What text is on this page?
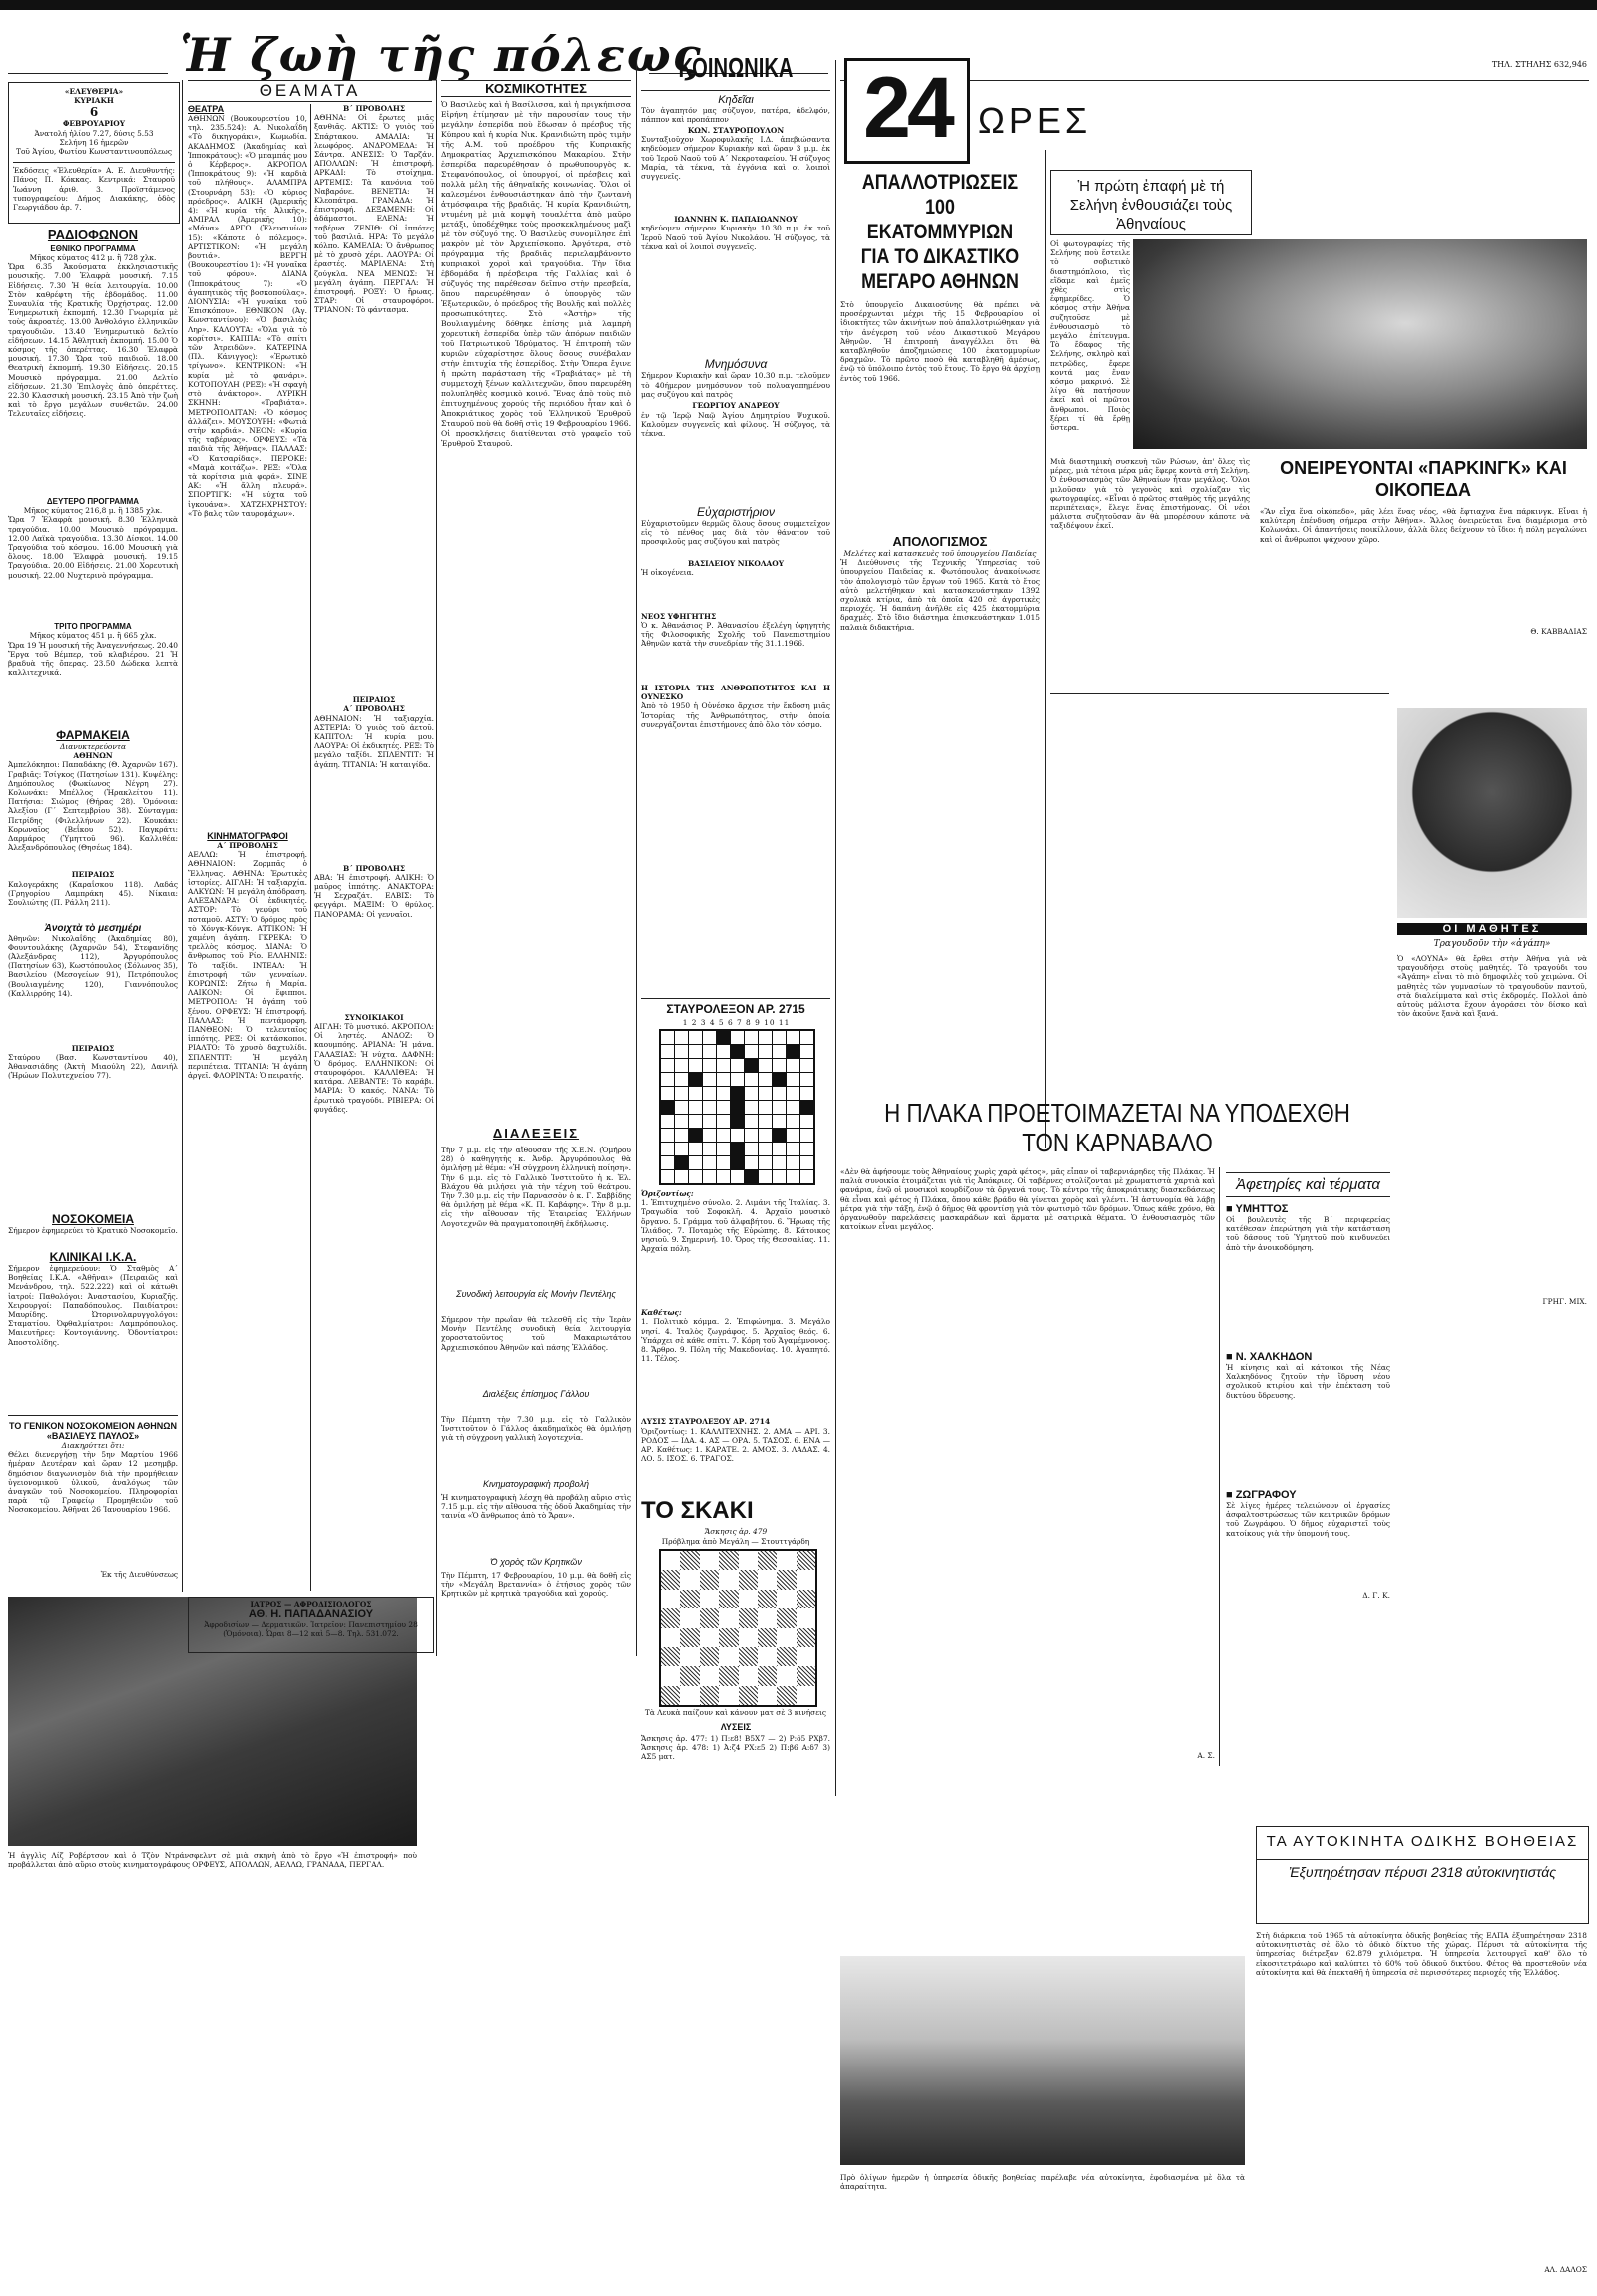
Ἡ ζωὴ τῆς πόλεως
«ΕΛΕΥΘΕΡΙΑ»
ΚΥΡΙΑΚΗ
6
ΦΕΒΡΟΥΑΡΙΟΥ
Ἀνατολή ἡλίου 7.27, δύσις 5.53
Σελήνη 16 ἡμερῶν
Τοῦ Ἁγίου, Φωτίου Κωνσταντινουπόλεως
Ἐκδόσεις «Ἐλευθερία» Α. Ε. Διευθυντής: Πάνος Π. Κόκκας. Κεντρικά: Σταυροῦ Ἰωάννη ἀριθ. 3. Προϊστάμενος τυπογραφείου: Δήμος Διακάκης, ὁδὸς Γεωργιάδου ἀρ. 7.
ΡΑΔΙΟΦΩΝΟΝ
ΕΘΝΙΚΟ ΠΡΟΓΡΑΜΜΑ
Μῆκος κύματος 412 μ. ἢ 728 χλκ.
Ὥρα 6.35 Ἀκούσματα ἐκκλησιαστικῆς μουσικῆς. 7.00 Ἐλαφρὰ μουσική. 7.15 Εἰδήσεις. 7.30 Ἡ θεία λειτουργία. 10.00 Στὸν καθρέφτη τῆς ἑβδομάδος. 11.00 Συναυλία τῆς Κρατικῆς Ὀρχήστρας. 12.00 Ἐνημερωτικὴ ἐκπομπή. 12.30 Γνωριμία μὲ τοὺς ἀκροατές. 13.00 Ἀνθολόγιο ἑλληνικῶν τραγουδιῶν. 13.40 Ἐνημερωτικὸ δελτίο εἰδήσεων. 14.15 Ἀθλητικὴ ἐκπομπή. 15.00 Ὁ κόσμος τῆς ὀπερέττας. 16.30 Ἐλαφρὰ μουσική. 17.30 Ὥρα τοῦ παιδιοῦ. 18.00 Θεατρικὴ ἐκπομπή. 19.30 Εἰδήσεις. 20.15 Μουσικὸ πρόγραμμα. 21.00 Δελτίο εἰδήσεων. 21.30 Ἐπιλογὲς ἀπὸ ὀπερέττες. 22.30 Κλασσικὴ μουσική. 23.15 Ἀπὸ τὴν ζωὴ καὶ τὸ ἔργο μεγάλων συνθετῶν. 24.00 Τελευταῖες εἰδήσεις.
ΔΕΥΤΕΡΟ ΠΡΟΓΡΑΜΜΑ
Μῆκος κύματος 216,8 μ. ἢ 1385 χλκ.
Ὥρα 7 Ἐλαφρὰ μουσική. 8.30 Ἑλληνικὰ τραγούδια. 10.00 Μουσικὸ πρόγραμμα. 12.00 Λαϊκὰ τραγούδια. 13.30 Δίσκοι. 14.00 Τραγούδια τοῦ κόσμου. 16.00 Μουσικὴ γιὰ ὅλους. 18.00 Ἐλαφρὰ μουσική. 19.15 Τραγούδια. 20.00 Εἰδήσεις. 21.00 Χορευτικὴ μουσική. 22.00 Νυχτερινὸ πρόγραμμα.
ΤΡΙΤΟ ΠΡΟΓΡΑΜΜΑ
Μῆκος κύματος 451 μ. ἢ 665 χλκ.
Ὥρα 19 Ἡ μουσική τῆς Ἀναγεννήσεως. 20.40 Ἔργα τοῦ Βέμπερ, τοῦ κλαβιέρου. 21 Ἡ βραδυὰ τῆς ὄπερας. 23.50 Δώδεκα λεπτὰ καλλιτεχνικά.
ΦΑΡΜΑΚΕΙΑ
Διανυκτερεύοντα
ΑΘΗΝΩΝ
Ἀμπελόκηποι: Παπαδάκης (Θ. Ἀχαρνῶν 167). Γραβιᾶς: Τσίγκος (Πατησίων 131). Κυψέλης: Δημόπουλος (Φωκίωνος Νέγρη 27). Κολωνάκι: Μπέλλος (Ἠρακλείτου 11). Πατήσια: Σιώμος (Θήρας 28). Ὁμόνοια: Ἀλεξίου (Γ΄ Σεπτεμβρίου 38). Σύνταγμα: Πετρίδης (Φιλελλήνων 22). Κουκάκι: Κορωναῖος (Βεΐκου 52). Παγκράτι: Δαρμάρος (Ὑμηττοῦ 96). Καλλιθέα: Ἀλεξανδρόπουλος (Θησέως 184).
ΠΕΙΡΑΙΩΣ
Καλογεράκης (Καραΐσκου 118). Λαδάς (Γρηγορίου Λαμπράκη 45). Νίκαια: Σουλιώτης (Π. Ράλλη 211).
Ἀνοιχτὰ τὸ μεσημέρι
Ἀθηνῶν: Νικολαΐδης (Ἀκαδημίας 80), Φουντουλάκης (Ἀχαρνῶν 54), Στεφανίδης (Ἀλεξάνδρας 112), Ἀργυρόπουλος (Πατησίων 63), Κωστόπουλος (Σόλωνος 35), Βασιλείου (Μεσογείων 91), Πετρόπουλος (Βουλιαγμένης 120), Γιαννόπουλος (Καλλιρρόης 14).
ΠΕΙΡΑΙΩΣ
Σταύρου (Βασ. Κωνσταντίνου 40), Ἀθανασιάδης (Ἀκτὴ Μιαούλη 22), Δανιήλ (Ἡρώων Πολυτεχνείου 77).
ΝΟΣΟΚΟΜΕΙΑ
Σήμερον ἐφημερεύει τὸ Κρατικὸ Νοσοκομεῖο.
ΚΛΙΝΙΚΑΙ Ι.Κ.Α.
Σήμερον ἐφημερεύουν: Ὁ Σταθμὸς Α΄ Βοηθείας Ι.Κ.Α. «Ἀθῆναι» (Πειραιῶς καὶ Μενάνδρου, τηλ. 522.222) καὶ οἱ κάτωθι ἰατροί: Παθολόγοι: Ἀναστασίου, Κυριαζῆς. Χειρουργοί: Παπαδόπουλος. Παιδίατροι: Μαυρίδης. Ὠτορινολαρυγγολόγοι: Σταματίου. Ὀφθαλμίατροι: Λαμπρόπουλος. Μαιευτῆρες: Κοντογιάννης. Ὀδοντίατροι: Ἀποστολίδης.
ΤΟ ΓΕΝΙΚΟΝ ΝΟΣΟΚΟΜΕΙΟΝ ΑΘΗΝΩΝ
«ΒΑΣΙΛΕΥΣ ΠΑΥΛΟΣ»
Διακηρύττει ὅτι:
Θέλει διενεργήσῃ τὴν 5ην Μαρτίου 1966 ἡμέραν Δευτέραν καὶ ὥραν 12 μεσημβρ. δημόσιον διαγωνισμὸν διὰ τὴν προμήθειαν ὑγειονομικοῦ ὑλικοῦ, ἀναλόγως τῶν ἀναγκῶν τοῦ Νοσοκομείου. Πληροφορίαι παρὰ τῷ Γραφείῳ Προμηθειῶν τοῦ Νοσοκομείου. Ἀθῆναι 26 Ἰανουαρίου 1966.
Ἐκ τῆς Διευθύνσεως
Ἡ ἀγγλὶς Λίζ Ροβέρτσον καὶ ὁ Τζὸν Ντράνσφελντ σὲ μιὰ σκηνὴ ἀπὸ τὸ ἔργο «Ἡ ἐπιστροφή» ποὺ προβάλλεται ἀπὸ αὔριο στοὺς κινηματογράφους ΟΡΦΕΥΣ, ΑΠΟΛΛΩΝ, ΑΕΛΛΩ, ΓΡΑΝΑΔΑ, ΠΕΡΓΑΛ.
ΘΕΑΜΑΤΑ
ΘΕΑΤΡΑ
ΑΘΗΝΩΝ (Βουκουρεστίου 10, τηλ. 235.524): Α. Νικολαΐδη «Τὸ δικηγοράκι», Κωμωδία. ΑΚΑΔΗΜΟΣ (Ἀκαδημίας καὶ Ἱπποκράτους): «Ὁ μπαμπάς μου ὁ Κέρβερος». ΑΚΡΟΠΟΛ (Ἱπποκράτους 9): «Ἡ καρδιὰ τοῦ πλήθους». ΑΛΑΜΠΡΑ (Στουρνάρη 53): «Ὁ κύριος πρόεδρος». ΑΛΙΚΗ (Ἀμερικῆς 4): «Ἡ κυρία τῆς Ἀλικῆς». ΑΜΙΡΑΛ (Ἀμερικῆς 10): «Μάνα». ΑΡΓΩ (Ἐλευσινίων 15): «Κάποτε ὁ πόλεμος». ΑΡΤΙΣΤΙΚΟΝ: «Ἡ μεγάλη βουτιά». ΒΕΡΓΗ (Βουκουρεστίου 1): «Ἡ γυναῖκα τοῦ φόρου». ΔΙΑΝΑ (Ἱπποκράτους 7): «Ὁ ἀγαπητικὸς τῆς βοσκοπούλας». ΔΙΟΝΥΣΙΑ: «Ἡ γυναίκα τοῦ Ἐπισκόπου». ΕΘΝΙΚΟΝ (Ἀγ. Κωνσταντίνου): «Ὁ βασιλιὰς Ληρ». ΚΑΛΟΥΤΑ: «Ὅλα γιὰ τὸ κορίτσι». ΚΑΠΠΑ: «Τὸ σπίτι τῶν Ἀτρειδῶν». ΚΑΤΕΡΙΝΑ (Πλ. Κάνιγγος): «Ἐρωτικὸ τρίγωνο». ΚΕΝΤΡΙΚΟΝ: «Ἡ κυρία μὲ τὸ φανάρι». ΚΟΤΟΠΟΥΛΗ (ΡΕΞ): «Ἡ σφαγὴ στὸ ἀνάκτορο». ΛΥΡΙΚΗ ΣΚΗΝΗ: «Τραβιάτα». ΜΕΤΡΟΠΟΛΙΤΑΝ: «Ὁ κόσμος ἀλλάζει». ΜΟΥΣΟΥΡΗ: «Φωτιὰ στὴν καρδιά». ΝΕΟΝ: «Κυρία τῆς ταβέρνας». ΟΡΦΕΥΣ: «Τὰ παιδιὰ τῆς Ἀθήνας». ΠΑΛΛΑΣ: «Ὁ Κατσαρίδας». ΠΕΡΟΚΕ: «Μαμὰ κοιτάζω». ΡΕΞ: «Ὅλα τὰ κορίτσια μιὰ φορά». ΣΙΝΕ ΑΚ: «Ἡ ἄλλη πλευρά». ΣΠΟΡΤΙΓΚ: «Ἡ νύχτα τοῦ ἰγκουάνα». ΧΑΤΖΗΧΡΗΣΤΟΥ: «Τὸ βαλς τῶν ταυρομάχων».
ΚΙΝΗΜΑΤΟΓΡΑΦΟΙ
Α΄ ΠΡΟΒΟΛΗΣ
ΑΕΛΛΩ: Ἡ ἐπιστροφή. ΑΘΗΝΑΙΟΝ: Ζορμπᾶς ὁ Ἕλληνας. ΑΘΗΝΑ: Ἐρωτικὲς ἱστορίες. ΑΙΓΛΗ: Ἡ ταξιαρχία. ΑΛΚΥΩΝ: Ἡ μεγάλη ἀπόδραση. ΑΛΕΞΑΝΔΡΑ: Οἱ ἐκδικητές. ΑΣΤΟΡ: Τὸ γεφύρι τοῦ ποταμοῦ. ΑΣΤΥ: Ὁ δρόμος πρὸς τὸ Χόνγκ-Κόνγκ. ΑΤΤΙΚΟΝ: Ἡ χαμένη ἀγάπη. ΓΚΡΕΚΑ: Ὁ τρελλὸς κόσμος. ΔΙΑΝΑ: Ὁ ἄνθρωπος τοῦ Ρίο. ΕΛΛΗΝΙΣ: Τὸ ταξίδι. ΙΝΤΕΑΛ: Ἡ ἐπιστροφή τῶν γενναίων. ΚΟΡΩΝΙΣ: Ζήτω ἡ Μαρία. ΛΑΙΚΟΝ: Οἱ ἔφιπποι. ΜΕΤΡΟΠΟΛ: Ἡ ἀγάπη τοῦ ξένου. ΟΡΦΕΥΣ: Ἡ ἐπιστροφή. ΠΑΛΛΑΣ: Ἡ πεντάμορφη. ΠΑΝΘΕΟΝ: Ὁ τελευταῖος ἱππότης. ΡΕΞ: Οἱ κατάσκοποι. ΡΙΑΛΤΟ: Τὸ χρυσὸ δαχτυλίδι. ΣΠΛΕΝΤΙΤ: Ἡ μεγάλη περιπέτεια. ΤΙΤΑΝΙΑ: Ἡ ἀγάπη ἀργεῖ. ΦΛΟΡΙΝΤΑ: Ὁ πειρατής.
Β΄ ΠΡΟΒΟΛΗΣ
ΑΘΗΝΑ: Οἱ ἔρωτες μιᾶς ξανθιᾶς. ΑΚΤΙΣ: Ὁ γυιὸς τοῦ Σπάρτακου. ΑΜΑΛΙΑ: Ἡ λεωφόρος. ΑΝΔΡΟΜΕΔΑ: Ἡ Σάντρα. ΑΝΕΣΙΣ: Ὁ Ταρζάν. ΑΠΟΛΛΩΝ: Ἡ ἐπιστροφή. ΑΡΚΑΔΙ: Τὸ στοίχημα. ΑΡΤΕΜΙΣ: Τὰ κανόνια τοῦ Ναβαρόνε. ΒΕΝΕΤΙΑ: Ἡ Κλεοπάτρα. ΓΡΑΝΑΔΑ: Ἡ ἐπιστροφή. ΔΕΞΑΜΕΝΗ: Οἱ ἀδάμαστοι. ΕΛΕΝΑ: Ἡ ταβέρνα. ΖΕΝΙΘ: Οἱ ἱππότες τοῦ βασιλιᾶ. ΗΡΑ: Τὸ μεγάλο κόλπο. ΚΑΜΕΛΙΑ: Ὁ ἄνθρωπος μὲ τὸ χρυσὸ χέρι. ΛΑΟΥΡΑ: Οἱ ἐραστές. ΜΑΡΙΛΕΝΑ: Στὴ ζούγκλα. ΝΕΑ ΜΕΝΩΣ: Ἡ μεγάλη ἀγάπη. ΠΕΡΓΑΛ: Ἡ ἐπιστροφή. ΡΟΞΥ: Ὁ ἥρωας. ΣΤΑΡ: Οἱ σταυροφόροι. ΤΡΙΑΝΟΝ: Τὸ φάντασμα.
ΠΕΙΡΑΙΩΣ
Α΄ ΠΡΟΒΟΛΗΣ
ΑΘΗΝΑΙΟΝ: Ἡ ταξιαρχία. ΑΣΤΕΡΙΑ: Ὁ γυιὸς τοῦ ἀετοῦ. ΚΑΠΙΤΟΛ: Ἡ κυρία μου. ΛΑΟΥΡΑ: Οἱ ἐκδικητές. ΡΕΞ: Τὸ μεγάλο ταξίδι. ΣΠΛΕΝΤΙΤ: Ἡ ἀγάπη. ΤΙΤΑΝΙΑ: Ἡ καταιγίδα.
Β΄ ΠΡΟΒΟΛΗΣ
ΑΒΑ: Ἡ ἐπιστροφή. ΑΛΙΚΗ: Ὁ μαῦρος ἱππότης. ΑΝΑΚΤΟΡΑ: Ἡ Σεχραζάτ. ΕΛΒΙΣ: Τὸ φεγγάρι. ΜΑΞΙΜ: Ὁ θρύλος. ΠΑΝΟΡΑΜΑ: Οἱ γενναῖοι.
ΣΥΝΟΙΚΙΑΚΟΙ
ΑΙΓΛΗ: Τὸ μυστικό. ΑΚΡΟΠΟΛ: Οἱ ληστές. ΑΝΔΟΖ: Ὁ καουμπόης. ΑΡΙΑΝΑ: Ἡ μάνα. ΓΑΛΑΞΙΑΣ: Ἡ νύχτα. ΔΑΦΝΗ: Ὁ δρόμος. ΕΛΛΗΝΙΚΟΝ: Οἱ σταυροφόροι. ΚΑΛΛΙΘΕΑ: Ἡ κατάρα. ΛΕΒΑΝΤΕ: Τὸ καράβι. ΜΑΡΙΑ: Ὁ κακός. ΝΑΝΑ: Τὸ ἐρωτικὸ τραγούδι. ΡΙΒΙΕΡΑ: Οἱ φυγάδες.
ΙΑΤΡΟΣ — ΑΦΡΟΔΙΣΙΟΛΟΓΟΣ
ΑΘ. Η. ΠΑΠΑΔΑΝΑΣΙΟΥ
Ἀφροδισίων — Δερματικῶν. Ἰατρεῖον: Πανεπιστημίου 28 (Ὁμόνοια). Ὧραι 8—12 καὶ 5—8. Τηλ. 531.072.
ΚΟΣΜΙΚΟΤΗΤΕΣ
Ὁ Βασιλεὺς καὶ ἡ Βασίλισσα, καὶ ἡ πριγκήπισσα Εἰρήνη ἐτίμησαν μὲ τὴν παρουσίαν τους τὴν μεγάλην ἑσπερίδα ποὺ ἔδωσαν ὁ πρέσβυς τῆς Κύπρου καὶ ἡ κυρία Νικ. Κρανιδιώτη πρὸς τιμὴν τῆς Α.Μ. τοῦ προέδρου τῆς Κυπριακῆς Δημοκρατίας Ἀρχιεπισκόπου Μακαρίου. Στὴν ἑσπερίδα παρευρέθησαν ὁ πρωθυπουργὸς κ. Στεφανόπουλος, οἱ ὑπουργοί, οἱ πρέσβεις καὶ πολλὰ μέλη τῆς ἀθηναϊκῆς κοινωνίας. Ὅλοι οἱ καλεσμένοι ἐνθουσιάστηκαν ἀπὸ τὴν ζωντανὴ ἀτμόσφαιρα τῆς βραδιᾶς. Ἡ κυρία Κρανιδιώτη, ντυμένη μὲ μιὰ κομψὴ τουαλέττα ἀπὸ μαῦρο μετάξι, ὑποδέχθηκε τοὺς προσκεκλημένους μαζὶ μὲ τὸν σύζυγό της. Ὁ Βασιλεὺς συνομίλησε ἐπὶ μακρὸν μὲ τὸν Ἀρχιεπίσκοπο. Ἀργότερα, στὸ πρόγραμμα τῆς βραδιᾶς περιελαμβάνοντο κυπριακοὶ χοροὶ καὶ τραγούδια. Τὴν ἴδια ἑβδομάδα ἡ πρέσβειρα τῆς Γαλλίας καὶ ὁ σύζυγός της παρέθεσαν δεῖπνο στὴν πρεσβεία, ὅπου παρευρέθησαν ὁ ὑπουργὸς τῶν Ἐξωτερικῶν, ὁ πρόεδρος τῆς Βουλῆς καὶ πολλὲς προσωπικότητες. Στὸ «Ἀστὴρ» τῆς Βουλιαγμένης δόθηκε ἐπίσης μιὰ λαμπρὴ χορευτικὴ ἑσπερίδα ὑπὲρ τῶν ἀπόρων παιδιῶν τοῦ Πατριωτικοῦ Ἱδρύματος. Ἡ ἐπιτροπὴ τῶν κυριῶν εὐχαρίστησε ὅλους ὅσους συνέβαλαν στὴν ἐπιτυχία τῆς ἑσπερίδος. Στὴν Ὄπερα ἔγινε ἡ πρώτη παράσταση τῆς «Τραβιάτας» μὲ τὴ συμμετοχὴ ξένων καλλιτεχνῶν, ὅπου παρευρέθη πολυπληθὲς κοσμικὸ κοινό. Ἕνας ἀπὸ τοὺς πιὸ ἐπιτυχημένους χορούς τῆς περιόδου ἦταν καὶ ὁ Ἀποκριάτικος χορὸς τοῦ Ἑλληνικοῦ Ἐρυθροῦ Σταυροῦ ποὺ θὰ δοθῆ στὶς 19 Φεβρουαρίου 1966. Οἱ προσκλήσεις διατίθενται στὸ γραφεῖο τοῦ Ἐρυθροῦ Σταυροῦ.
ΔΙΑΛΕΞΕΙΣ
Τὴν 7 μ.μ. εἰς τὴν αἴθουσαν τῆς Χ.Ε.Ν. (Ὁμήρου 28) ὁ καθηγητὴς κ. Ἀνδρ. Ἀργυρόπουλος θὰ ὁμιλήσῃ μὲ θέμα: «Ἡ σύγχρονη ἑλληνικὴ ποίηση». Τὴν 6 μ.μ. εἰς τὸ Γαλλικὸ Ἰνστιτοῦτο ἡ κ. Ἑλ. Βλάχου θὰ μιλήσει γιὰ τὴν τέχνη τοῦ θεάτρου. Τὴν 7.30 μ.μ. εἰς τὴν Παρνασσὸν ὁ κ. Γ. Σαββίδης θὰ ὁμιλήσῃ μὲ θέμα «Κ. Π. Καβάφης». Τὴν 8 μ.μ. εἰς τὴν αἴθουσαν τῆς Ἑταιρείας Ἑλλήνων Λογοτεχνῶν θὰ πραγματοποιηθῆ ἐκδήλωσις.
Συνοδικὴ λειτουργία εἰς Μονὴν Πεντέλης
Σήμερον τὴν πρωΐαν θὰ τελεσθῆ εἰς τὴν Ἱερὰν Μονὴν Πεντέλης συνοδικὴ θεία λειτουργία χοροστατοῦντος τοῦ Μακαριωτάτου Ἀρχιεπισκόπου Ἀθηνῶν καὶ πάσης Ἑλλάδος.
Διαλέξεις ἐπίσημος Γάλλου
Τὴν Πέμπτη τὴν 7.30 μ.μ. εἰς τὸ Γαλλικὸν Ἰνστιτοῦτον ὁ Γάλλος ἀκαδημαϊκὸς θὰ ὁμιλήσῃ γιὰ τὴ σύγχρονη γαλλικὴ λογοτεχνία.
Κινηματογραφικὴ προβολή
Ἡ κινηματογραφικὴ λέσχη θὰ προβάλῃ αὔριο στὶς 7.15 μ.μ. εἰς τὴν αἴθουσα τῆς ὁδοῦ Ἀκαδημίας τὴν ταινία «Ὁ ἄνθρωπος ἀπὸ τὸ Ἄραν».
Ὁ χορὸς τῶν Κρητικῶν
Τὴν Πέμπτη, 17 Φεβρουαρίου, 10 μ.μ. θὰ δοθῆ εἰς τὴν «Μεγάλη Βρεταννία» ὁ ἐτήσιος χορὸς τῶν Κρητικῶν μὲ κρητικὰ τραγούδια καὶ χορούς.
ΚΟΙΝΩΝΙΚΑ
Κηδεῖαι
Τὸν ἀγαπητόν μας σύζυγον, πατέρα, ἀδελφόν, πάππον καὶ προπάππον
ΚΩΝ. ΣΤΑΥΡΟΠΟΥΛΟΝ
Συνταξιοῦχον Χωροφυλακῆς Ι.Δ. ἀπεβιώσαντα κηδεύομεν σήμερον Κυριακὴν καὶ ὥραν 3 μ.μ. ἐκ τοῦ Ἱεροῦ Ναοῦ τοῦ Α΄ Νεκροταφείου. Ἡ σύζυγος Μαρία, τὰ τέκνα, τὰ ἐγγόνια καὶ οἱ λοιποὶ συγγενεῖς.
ΙΩΑΝΝΗΝ Κ. ΠΑΠΑΙΩΑΝΝΟΥ
κηδεύομεν σήμερον Κυριακὴν 10.30 π.μ. ἐκ τοῦ Ἱεροῦ Ναοῦ τοῦ Ἁγίου Νικολάου. Ἡ σύζυγος, τὰ τέκνα καὶ οἱ λοιποὶ συγγενεῖς.
Μνημόσυνα
Σήμερον Κυριακὴν καὶ ὥραν 10.30 π.μ. τελοῦμεν τὸ 40ήμερον μνημόσυνον τοῦ πολυαγαπημένου μας συζύγου καὶ πατρὸς
ΓΕΩΡΓΙΟΥ ΑΝΔΡΕΟΥ
ἐν τῷ Ἱερῷ Ναῷ Ἁγίου Δημητρίου Ψυχικοῦ. Καλοῦμεν συγγενεῖς καὶ φίλους. Ἡ σύζυγος, τὰ τέκνα.
Εὐχαριστήριον
Εὐχαριστοῦμεν θερμῶς ὅλους ὅσους συμμετεῖχον εἰς τὸ πένθος μας διὰ τὸν θάνατον τοῦ προσφιλοῦς μας συζύγου καὶ πατρὸς
ΒΑΣΙΛΕΙΟΥ ΝΙΚΟΛΑΟΥ
Ἡ οἰκογένεια.
ΝΕΟΣ ΥΦΗΓΗΤΗΣ
Ὁ κ. Ἀθανάσιος Ρ. Ἀθανασίου ἐξελέγη ὑφηγητὴς τῆς Φιλοσοφικῆς Σχολῆς τοῦ Πανεπιστημίου Ἀθηνῶν κατὰ τὴν συνεδρίαν τῆς 31.1.1966.
Η ΙΣΤΟΡΙΑ ΤΗΣ ΑΝΘΡΩΠΟΤΗΤΟΣ ΚΑΙ Η ΟΥΝΕΣΚΟ
Ἀπὸ τὸ 1950 ἡ Οὐνέσκο ἄρχισε τὴν ἔκδοση μιᾶς Ἱστορίας τῆς Ἀνθρωπότητος, στὴν ὁποία συνεργάζονται ἐπιστήμονες ἀπὸ ὅλο τὸν κόσμο.
ΣΤΑΥΡΟΛΕΞΟΝ ΑΡ. 2715
1 2 3 4 5 6 7 8 9 10 11
Ὁριζοντίως:
1. Ἐπιτυχημένο σύνολο. 2. Λιμάνι τῆς Ἰταλίας. 3. Τραγωδία τοῦ Σοφοκλῆ. 4. Ἀρχαῖο μουσικὸ ὄργανο. 5. Γράμμα τοῦ ἀλφαβήτου. 6. Ἥρωας τῆς Ἰλιάδος. 7. Ποταμὸς τῆς Εὐρώπης. 8. Κάτοικος νησιοῦ. 9. Σημερινή. 10. Ὄρος τῆς Θεσσαλίας. 11. Ἀρχαία πόλη.
Καθέτως:
1. Πολιτικὸ κόμμα. 2. Ἐπιφώνημα. 3. Μεγάλο νησί. 4. Ἰταλὸς ζωγράφος. 5. Ἀρχαῖος θεός. 6. Ὑπάρχει σὲ κάθε σπίτι. 7. Κόρη τοῦ Ἀγαμέμνονος. 8. Ἄρθρο. 9. Πόλη τῆς Μακεδονίας. 10. Ἀγαπητό. 11. Τέλος.
ΛΥΣΙΣ ΣΤΑΥΡΟΛΕΞΟΥ ΑΡ. 2714
Ὁριζοντίως: 1. ΚΑΛΛΙΤΕΧΝΗΣ. 2. ΑΜΑ — ΑΡΙ. 3. ΡΟΔΟΣ — ΙΔΑ. 4. ΑΣ — ΟΡΑ. 5. ΤΑΣΟΣ. 6. ΕΝΑ — ΑΡ. Καθέτως: 1. ΚΑΡΑΤΕ. 2. ΑΜΟΣ. 3. ΛΑΔΑΣ. 4. ΛΟ. 5. ΙΣΟΣ. 6. ΤΡΑΓΟΣ.
ΤΟ ΣΚΑΚΙ
Ἄσκησις ἀρ. 479
Πρόβλημα ἀπὸ Μεγάλη — Στουττγάρδη
Τὰ Λευκὰ παίζουν καὶ κάνουν ματ σὲ 3 κινήσεις
ΛΥΣΕΙΣ
Ἄσκησις ἀρ. 477: 1) Π:ε8! Β5Χ7 — 2) Ρ:δ5 ΡΧβ7. Ἄσκησις ἀρ. 478: 1) Ἀ:ζ4 ΡΧ:ε5 2) Π:β6 Α:δ7 3) ΑΣ5 ματ.
24 ΩΡΕΣ
ΤΗΛ. ΣΤΗΛΗΣ 632,946
ΑΠΑΛΛΟΤΡΙΩΣΕΙΣ 100 ΕΚΑΤΟΜΜΥΡΙΩΝ ΓΙΑ ΤΟ ΔΙΚΑΣΤΙΚΟ ΜΕΓΑΡΟ ΑΘΗΝΩΝ
Στὸ ὑπουργεῖο Δικαιοσύνης θὰ πρέπει νὰ προσέρχωνται μέχρι τῆς 15 Φεβρουαρίου οἱ ἰδιοκτῆτες τῶν ἀκινήτων ποὺ ἀπαλλοτριώθηκαν γιὰ τὴν ἀνέγερση τοῦ νέου Δικαστικοῦ Μεγάρου Ἀθηνῶν. Ἡ ἐπιτροπὴ ἀναγγέλλει ὅτι θὰ καταβληθοῦν ἀποζημιώσεις 100 ἑκατομμυρίων δραχμῶν. Τὸ πρῶτο ποσὸ θὰ καταβληθῆ ἀμέσως, ἐνῷ τὸ ὑπόλοιπο ἐντὸς τοῦ ἔτους. Τὸ ἔργο θὰ ἀρχίσῃ ἐντὸς τοῦ 1966.
ΑΠΟΛΟΓΙΣΜΟΣ
Μελέτες καὶ κατασκευὲς τοῦ ὑπουργείου Παιδείας
Ἡ Διεύθυνσις τῆς Τεχνικῆς Ὑπηρεσίας τοῦ ὑπουργείου Παιδείας κ. Φωτόπουλος ἀνακοίνωσε τὸν ἀπολογισμὸ τῶν ἔργων τοῦ 1965. Κατὰ τὸ ἔτος αὐτὸ μελετήθηκαν καὶ κατασκευάστηκαν 1392 σχολικὰ κτίρια, ἀπὸ τὰ ὁποῖα 420 σὲ ἀγροτικὲς περιοχές. Ἡ δαπάνη ἀνῆλθε εἰς 425 ἑκατομμύρια δραχμές. Στὸ ἴδιο διάστημα ἐπισκευάστηκαν 1.015 παλαιὰ διδακτήρια.
Ἡ πρώτη ἐπαφή μὲ τή Σελήνη ἐνθουσιάζει τοὺς Ἀθηναίους
Οἱ φωτογραφίες τῆς Σελήνης ποὺ ἔστειλε τὸ σοβιετικὸ διαστημόπλοιο, τὶς εἴδαμε καὶ ἐμεῖς χθὲς στὶς ἐφημερίδες. Ὁ κόσμος στὴν Ἀθήνα συζητοῦσε μὲ ἐνθουσιασμὸ τὸ μεγάλο ἐπίτευγμα. Τὸ ἔδαφος τῆς Σελήνης, σκληρὸ καὶ πετρῶδες, ἔφερε κοντά μας ἕναν κόσμο μακρινό. Σὲ λίγο θὰ πατήσουν ἐκεῖ καὶ οἱ πρῶτοι ἄνθρωποι. Ποιὸς ξέρει τί θὰ ἔρθῃ ὕστερα.
Μιὰ διαστημικὴ συσκευὴ τῶν Ρώσων, ἀπ' ὅλες τὶς μέρες, μιὰ τέτοια μέρα μᾶς ἔφερε κοντὰ στὴ Σελήνη. Ὁ ἐνθουσιασμὸς τῶν Ἀθηναίων ἦταν μεγάλος. Ὅλοι μιλοῦσαν γιὰ τὸ γεγονὸς καὶ σχολίαζαν τὶς φωτογραφίες. «Εἶναι ὁ πρῶτος σταθμὸς τῆς μεγάλης περιπέτειας», ἔλεγε ἕνας ἐπιστήμονας. Οἱ νέοι μάλιστα συζητοῦσαν ἂν θὰ μπορέσουν κάποτε νὰ ταξιδέψουν ἐκεῖ.
ΟΝΕΙΡΕΥΟΝΤΑΙ «ΠΑΡΚΙΝΓΚ» ΚΑΙ ΟΙΚΟΠΕΔΑ
«Ἂν εἶχα ἕνα οἰκόπεδο», μᾶς λέει ἕνας νέος, «θὰ ἔφτιαχνα ἕνα πάρκινγκ. Εἶναι ἡ καλύτερη ἐπένδυση σήμερα στὴν Ἀθήνα». Ἄλλος ὀνειρεύεται ἕνα διαμέρισμα στὸ Κολωνάκι. Οἱ ἀπαντήσεις ποικίλλουν, ἀλλὰ ὅλες δείχνουν τὸ ἴδιο: ἡ πόλη μεγαλώνει καὶ οἱ ἄνθρωποι ψάχνουν χῶρο.
Θ. ΚΑΒΒΑΔΙΑΣ
ΟΙ ΜΑΘΗΤΕΣ
Τραγουδοῦν τὴν «ἀγάπη»
Ὁ «ΛΟΥΝΑ» θὰ ἔρθει στὴν Ἀθήνα γιὰ νὰ τραγουδήσει στοὺς μαθητές. Τὸ τραγούδι του «Ἀγάπη» εἶναι τὸ πιὸ δημοφιλὲς τοῦ χειμώνα. Οἱ μαθητὲς τῶν γυμνασίων τὸ τραγουδοῦν παντοῦ, στὰ διαλείμματα καὶ στὶς ἐκδρομές. Πολλοὶ ἀπὸ αὐτοὺς μάλιστα ἔχουν ἀγοράσει τὸν δίσκο καὶ τὸν ἀκοῦνε ξανὰ καὶ ξανά.
ΓΡΗΓ. ΜΙΧ.
Η ΠΛΑΚΑ ΠΡΟΕΤΟΙΜΑΖΕΤΑΙ ΝΑ ΥΠΟΔΕΧΘΗ ΤΟΝ ΚΑΡΝΑΒΑΛΟ
«Δὲν θὰ ἀφήσουμε τοὺς Ἀθηναίους χωρὶς χαρὰ φέτος», μᾶς εἶπαν οἱ ταβερνιάρηδες τῆς Πλάκας. Ἡ παλιὰ συνοικία ἑτοιμάζεται γιὰ τὶς Ἀπόκριες. Οἱ ταβέρνες στολίζονται μὲ χρωματιστὰ χαρτιὰ καὶ φανάρια, ἐνῷ οἱ μουσικοὶ κουρδίζουν τὰ ὄργανά τους. Τὸ κέντρο τῆς ἀποκριάτικης διασκεδάσεως θὰ εἶναι καὶ φέτος ἡ Πλάκα, ὅπου κάθε βράδυ θὰ γίνεται χορὸς καὶ γλέντι. Ἡ ἀστυνομία θὰ λάβῃ μέτρα γιὰ τὴν τάξη, ἐνῷ ὁ δῆμος θὰ φροντίσῃ γιὰ τὸν φωτισμὸ τῶν δρόμων. Ὅπως κάθε χρόνο, θὰ ὀργανωθοῦν παρελάσεις μασκαράδων καὶ ἅρματα μὲ σατιρικὰ θέματα. Ὁ ἐνθουσιασμὸς τῶν κατοίκων εἶναι μεγάλος.
Α. Σ.
Ἀφετηρίες καὶ τέρματα
■ ΥΜΗΤΤΟΣ
Οἱ βουλευτὲς τῆς Β΄ περιφερείας κατέθεσαν ἐπερώτηση γιὰ τὴν κατάσταση τοῦ δάσους τοῦ Ὑμηττοῦ ποὺ κινδυνεύει ἀπὸ τὴν ἀνοικοδόμηση.
■ Ν. ΧΑΛΚΗΔΟΝ
Ἡ κίνησις καὶ αἱ κάτοικοι τῆς Νέας Χαλκηδόνος ζητοῦν τὴν ἵδρυση νέου σχολικοῦ κτιρίου καὶ τὴν ἐπέκταση τοῦ δικτύου ὕδρευσης.
■ ΖΩΓΡΑΦΟΥ
Σὲ λίγες ἡμέρες τελειώνουν οἱ ἐργασίες ἀσφαλτοστρώσεως τῶν κεντρικῶν δρόμων τοῦ Ζωγράφου. Ὁ δῆμος εὐχαριστεῖ τοὺς κατοίκους γιὰ τὴν ὑπομονή τους.
Δ. Γ. Κ.
ΤΑ ΑΥΤΟΚΙΝΗΤΑ ΟΔΙΚΗΣ ΒΟΗΘΕΙΑΣ
Ἐξυπηρέτησαν πέρυσι 2318 αὐτοκινητιστάς
Στὴ διάρκεια τοῦ 1965 τὰ αὐτοκίνητα ὁδικῆς βοηθείας τῆς ΕΛΠΑ ἐξυπηρέτησαν 2318 αὐτοκινητιστὰς σὲ ὅλο τὸ ὁδικὸ δίκτυο τῆς χώρας. Πέρυσι τὰ αὐτοκίνητα τῆς ὑπηρεσίας διέτρεξαν 62.879 χιλιόμετρα. Ἡ ὑπηρεσία λειτουργεῖ καθ' ὅλο τὸ εἰκοσιτετράωρο καὶ καλύπτει τὸ 60% τοῦ ὁδικοῦ δικτύου. Φέτος θὰ προστεθοῦν νέα αὐτοκίνητα καὶ θὰ ἐπεκταθῆ ἡ ὑπηρεσία σὲ περισσότερες περιοχές τῆς Ἑλλάδος.
ΑΛ. ΔΑΛΟΣ
Πρὸ ὀλίγων ἡμερῶν ἡ ὑπηρεσία ὁδικῆς βοηθείας παρέλαβε νέα αὐτοκίνητα, ἐφοδιασμένα μὲ ὅλα τὰ ἀπαραίτητα.
